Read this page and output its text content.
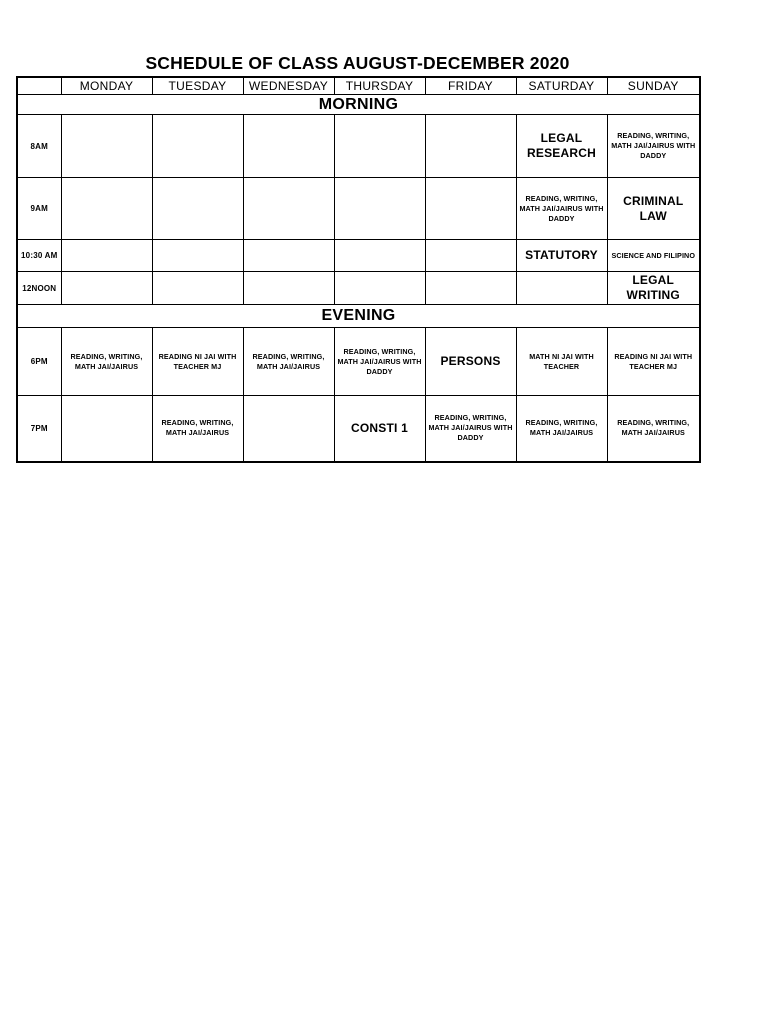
SCHEDULE OF CLASS AUGUST-DECEMBER 2020
	MONDAY	TUESDAY	WEDNESDAY	THURSDAY	FRIDAY	SATURDAY	SUNDAY
MORNING							
8AM						LEGAL RESEARCH	READING, WRITING, MATH JAI/JAIRUS WITH DADDY
9AM						READING, WRITING, MATH JAI/JAIRUS WITH DADDY	CRIMINAL LAW
10:30 AM						STATUTORY	SCIENCE AND FILIPINO
12NOON							LEGAL WRITING
EVENING							
6PM	READING, WRITING, MATH JAI/JAIRUS	READING NI JAI WITH TEACHER MJ	READING, WRITING, MATH JAI/JAIRUS	READING, WRITING, MATH JAI/JAIRUS WITH DADDY	PERSONS	MATH NI JAI WITH TEACHER	READING NI JAI WITH TEACHER MJ
7PM		READING, WRITING, MATH JAI/JAIRUS		CONSTI 1	READING, WRITING, MATH JAI/JAIRUS WITH DADDY	READING, WRITING, MATH JAI/JAIRUS	READING, WRITING, MATH JAI/JAIRUS
